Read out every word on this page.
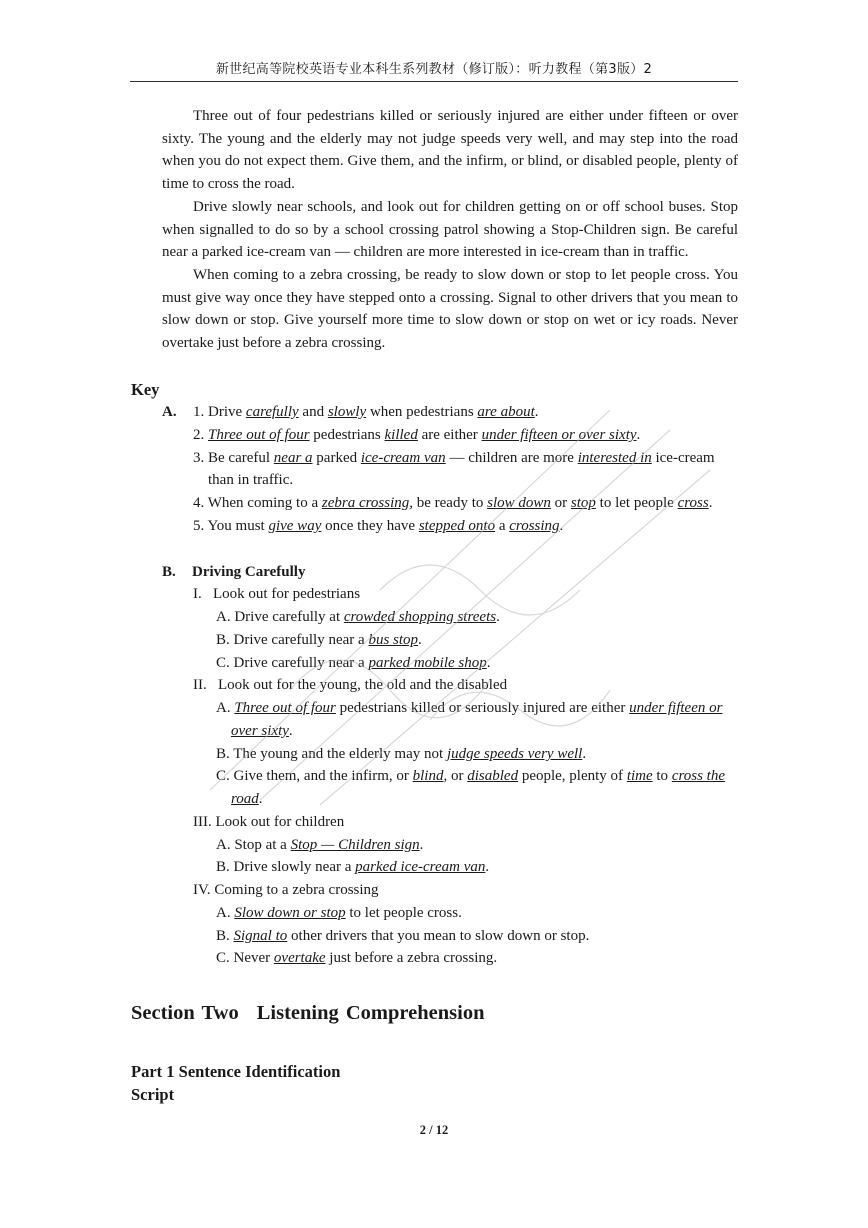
新世纪高等院校英语专业本科生系列教材（修订版）：听力教程（第3版）2

Three out of four pedestrians killed or seriously injured are either under fifteen or over sixty. The young and the elderly may not judge speeds very well, and may step into the road when you do not expect them. Give them, and the infirm, or blind, or disabled people, plenty of time to cross the road.

Drive slowly near schools, and look out for children getting on or off school buses. Stop when signalled to do so by a school crossing patrol showing a Stop-Children sign. Be careful near a parked ice-cream van — children are more interested in ice-cream than in traffic.

When coming to a zebra crossing, be ready to slow down or stop to let people cross. You must give way once they have stepped onto a crossing. Signal to other drivers that you mean to slow down or stop. Give yourself more time to slow down or stop on wet or icy roads. Never overtake just before a zebra crossing.

Key

A. 1. Drive carefully and slowly when pedestrians are about.

2. Three out of four pedestrians killed are either under fifteen or over sixty.

3. Be careful near a parked ice-cream van — children are more interested in ice-cream

than in traffic.

4. When coming to a zebra crossing, be ready to slow down or stop to let people cross.

5. You must give way once they have stepped onto a crossing.

B. Driving Carefully

I. Look out for pedestrians

A. Drive carefully at crowded shopping streets.

B. Drive carefully near a bus stop.

C. Drive carefully near a parked mobile shop.

II. Look out for the young, the old and the disabled

A. Three out of four pedestrians killed or seriously injured are either under fifteen or

over sixty.

B. The young and the elderly may not judge speeds very well.

C. Give them, and the infirm, or blind, or disabled people, plenty of time to cross the

road.

III. Look out for children

A. Stop at a Stop — Children sign.

B. Drive slowly near a parked ice-cream van.

IV. Coming to a zebra crossing

A. Slow down or stop to let people cross.

B. Signal to other drivers that you mean to slow down or stop.

C. Never overtake just before a zebra crossing.

Section Two Listening Comprehension

Part 1 Sentence Identification

Script

2 / 12
